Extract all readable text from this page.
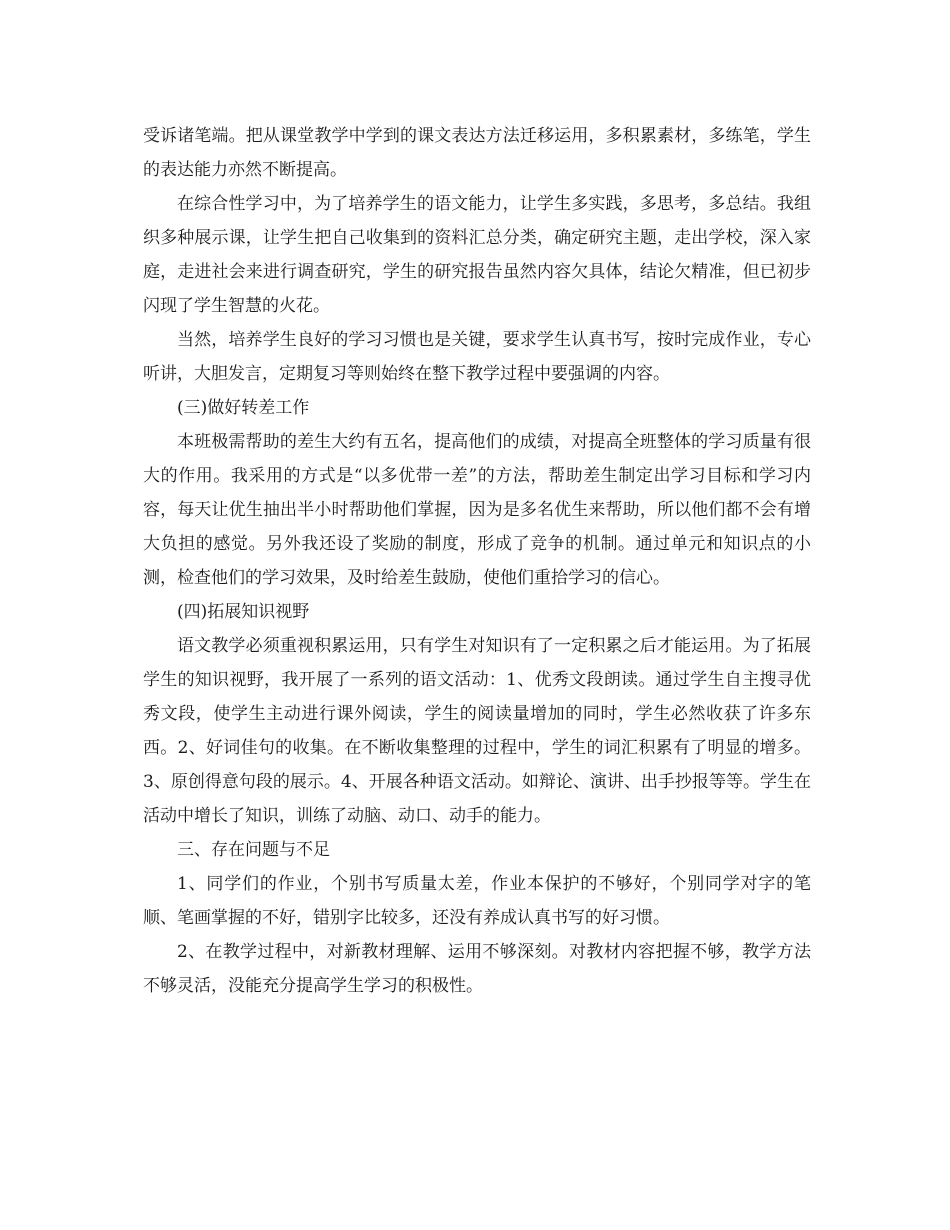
受诉诸笔端。把从课堂教学中学到的课文表达方法迁移运用，多积累素材，多练笔，学生的表达能力亦然不断提高。

在综合性学习中，为了培养学生的语文能力，让学生多实践，多思考，多总结。我组织多种展示课，让学生把自己收集到的资料汇总分类，确定研究主题，走出学校，深入家庭，走进社会来进行调查研究，学生的研究报告虽然内容欠具体，结论欠精准，但已初步闪现了学生智慧的火花。

当然，培养学生良好的学习习惯也是关键，要求学生认真书写，按时完成作业，专心听讲，大胆发言，定期复习等则始终在整下教学过程中要强调的内容。

(三)做好转差工作

本班极需帮助的差生大约有五名，提高他们的成绩，对提高全班整体的学习质量有很大的作用。我采用的方式是“以多优带一差”的方法，帮助差生制定出学习目标和学习内容，每天让优生抽出半小时帮助他们掌握，因为是多名优生来帮助，所以他们都不会有增大负担的感觉。另外我还设了奖励的制度，形成了竞争的机制。通过单元和知识点的小测，检查他们的学习效果，及时给差生鼓励，使他们重拾学习的信心。

(四)拓展知识视野

语文教学必须重视积累运用，只有学生对知识有了一定积累之后才能运用。为了拓展学生的知识视野，我开展了一系列的语文活动：1、优秀文段朗读。通过学生自主搜寻优秀文段，使学生主动进行课外阅读，学生的阅读量增加的同时，学生必然收获了许多东西。2、好词佳句的收集。在不断收集整理的过程中，学生的词汇积累有了明显的增多。3、原创得意句段的展示。4、开展各种语文活动。如辩论、演讲、出手抄报等等。学生在活动中增长了知识，训练了动脑、动口、动手的能力。

三、存在问题与不足

1、同学们的作业，个别书写质量太差，作业本保护的不够好，个别同学对字的笔顺、笔画掌握的不好，错别字比较多，还没有养成认真书写的好习惯。

2、在教学过程中，对新教材理解、运用不够深刻。对教材内容把握不够，教学方法不够灵活，没能充分提高学生学习的积极性。
